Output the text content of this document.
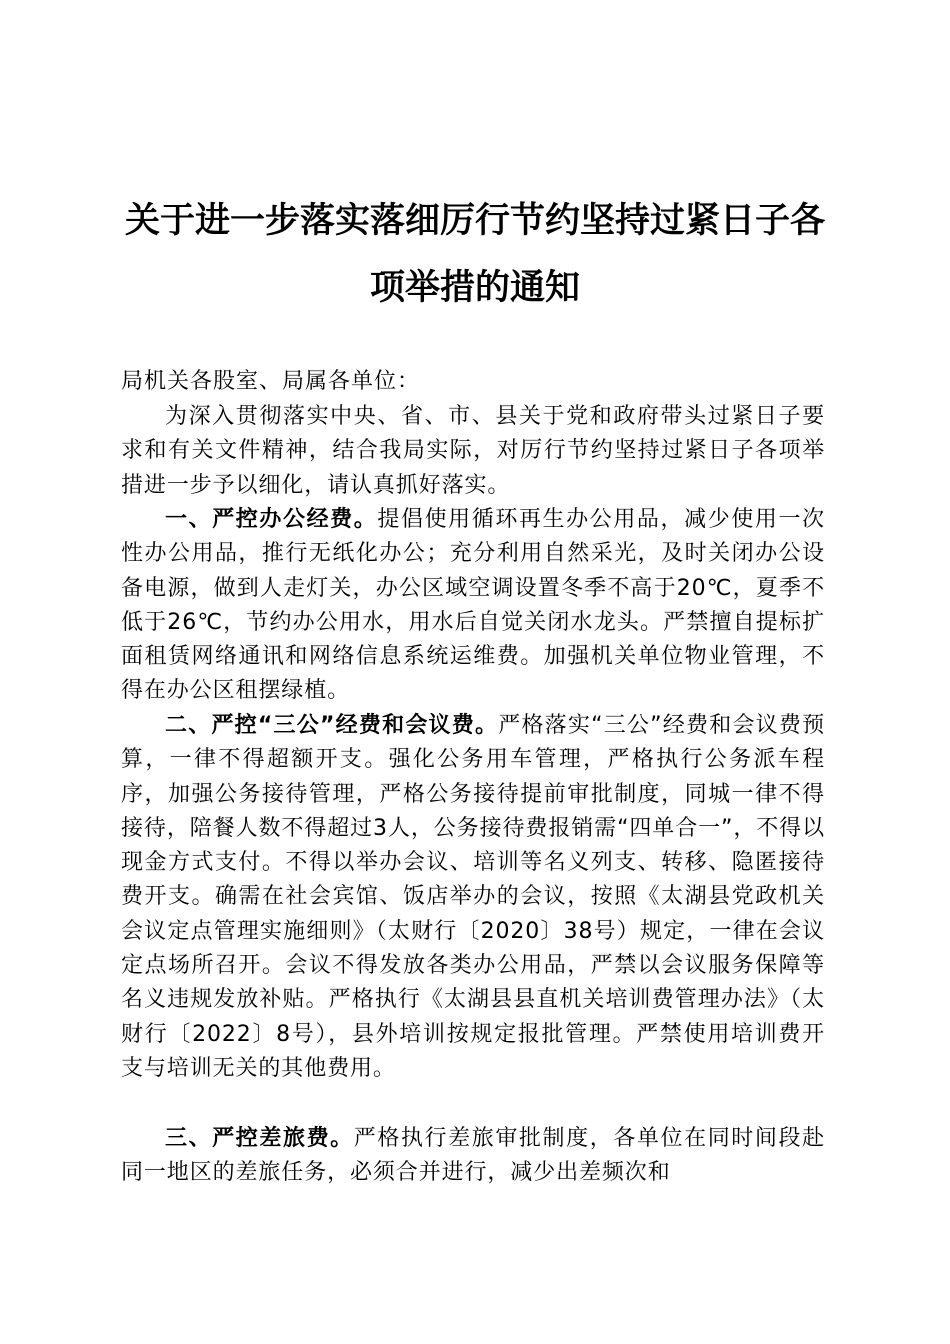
关于进一步落实落细厉行节约坚持过紧日子各
项举措的通知
局机关各股室、局属各单位：
为深入贯彻落实中央、省、市、县关于党和政府带头过紧日子要求和有关文件精神，结合我局实际，对厉行节约坚持过紧日子各项举措进一步予以细化，请认真抓好落实。
一、严控办公经费。提倡使用循环再生办公用品，减少使用一次性办公用品，推行无纸化办公；充分利用自然采光，及时关闭办公设备电源，做到人走灯关，办公区域空调设置冬季不高于20℃，夏季不低于26℃，节约办公用水，用水后自觉关闭水龙头。严禁擅自提标扩面租赁网络通讯和网络信息系统运维费。加强机关单位物业管理，不得在办公区租摆绿植。
二、严控“三公”经费和会议费。严格落实“三公”经费和会议费预算，一律不得超额开支。强化公务用车管理，严格执行公务派车程序，加强公务接待管理，严格公务接待提前审批制度，同城一律不得接待，陪餐人数不得超过3人，公务接待费报销需“四单合一”，不得以现金方式支付。不得以举办会议、培训等名义列支、转移、隐匿接待费开支。确需在社会宾馆、饭店举办的会议，按照《太湖县党政机关会议定点管理实施细则》（太财行〔2020〕38号）规定，一律在会议定点场所召开。会议不得发放各类办公用品，严禁以会议服务保障等名义违规发放补贴。严格执行《太湖县县直机关培训费管理办法》（太财行〔2022〕8号），县外培训按规定报批管理。严禁使用培训费开支与培训无关的其他费用。
三、严控差旅费。严格执行差旅审批制度，各单位在同时间段赴同一地区的差旅任务，必须合并进行，减少出差频次和
